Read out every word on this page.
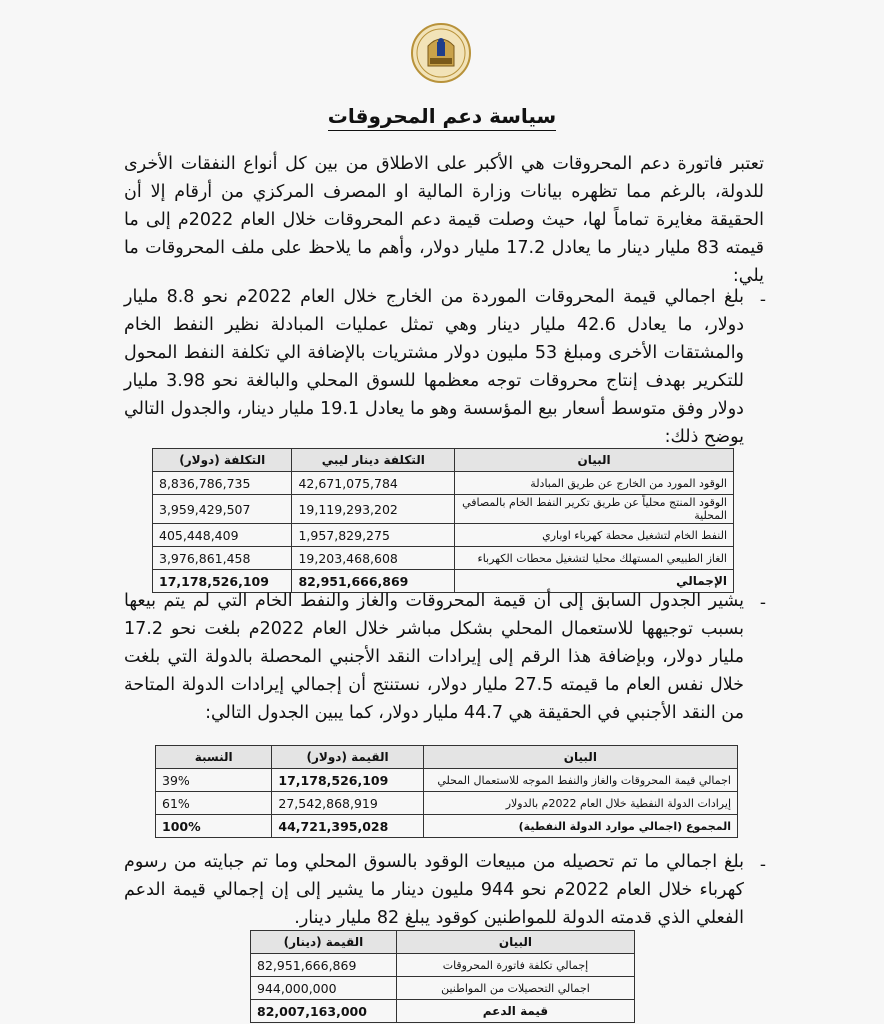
سياسة دعم المحروقات
تعتبر فاتورة دعم المحروقات هي الأكبر على الاطلاق من بين كل أنواع النفقات الأخرى للدولة، بالرغم مما تظهره بيانات وزارة المالية او المصرف المركزي من أرقام إلا أن الحقيقة مغايرة تماماً لها، حيث وصلت قيمة دعم المحروقات خلال العام 2022م إلى ما قيمته 83 مليار دينار ما يعادل 17.2 مليار دولار، وأهم ما يلاحظ على ملف المحروقات ما يلي:
-
بلغ اجمالي قيمة المحروقات الموردة من الخارج خلال العام 2022م نحو 8.8 مليار دولار، ما يعادل 42.6 مليار دينار وهي تمثل عمليات المبادلة نظير النفط الخام والمشتقات الأخرى ومبلغ 53 مليون دولار مشتريات بالإضافة الي تكلفة النفط المحول للتكرير بهدف إنتاج محروقات توجه معظمها للسوق المحلي والبالغة نحو 3.98 مليار دولار وفق متوسط أسعار بيع المؤسسة وهو ما يعادل 19.1 مليار دينار، والجدول التالي يوضح ذلك:
البيان	التكلفة دينار ليبي	التكلفة (دولار)
الوقود المورد من الخارج عن طريق المبادلة	42,671,075,784	8,836,786,735
الوقود المنتج محلياً عن طريق تكرير النفط الخام بالمصافي المحلية	19,119,293,202	3,959,429,507
النفط الخام لتشغيل محطة كهرباء اوباري	1,957,829,275	405,448,409
الغاز الطبيعي المستهلك محليا لتشغيل محطات الكهرباء	19,203,468,608	3,976,861,458
الإجمالي	82,951,666,869	17,178,526,109
-
يشير الجدول السابق إلى أن قيمة المحروقات والغاز والنفط الخام التي لم يتم بيعها بسبب توجيهها للاستعمال المحلي بشكل مباشر خلال العام 2022م بلغت نحو 17.2 مليار دولار، وبإضافة هذا الرقم إلى إيرادات النقد الأجنبي المحصلة بالدولة التي بلغت خلال نفس العام ما قيمته 27.5 مليار دولار، نستنتج أن إجمالي إيرادات الدولة المتاحة من النقد الأجنبي في الحقيقة هي 44.7 مليار دولار، كما يبين الجدول التالي:
البيان	القيمة (دولار)	النسبة
اجمالي قيمة المحروقات والغاز والنفط الموجه للاستعمال المحلي	17,178,526,109	39%
إيرادات الدولة النفطية خلال العام 2022م بالدولار	27,542,868,919	61%
المجموع (اجمالي موارد الدولة النفطية)	44,721,395,028	100%
-
بلغ اجمالي ما تم تحصيله من مبيعات الوقود بالسوق المحلي وما تم جبايته من رسوم كهرباء خلال العام 2022م نحو 944 مليون دينار ما يشير إلى إن إجمالي قيمة الدعم الفعلي الذي قدمته الدولة للمواطنين كوقود يبلغ 82 مليار دينار.
البيان	القيمة (دينار)
إجمالي تكلفة فاتورة المحروقات	82,951,666,869
اجمالي التحصيلات من المواطنين	944,000,000
قيمة الدعم	82,007,163,000
